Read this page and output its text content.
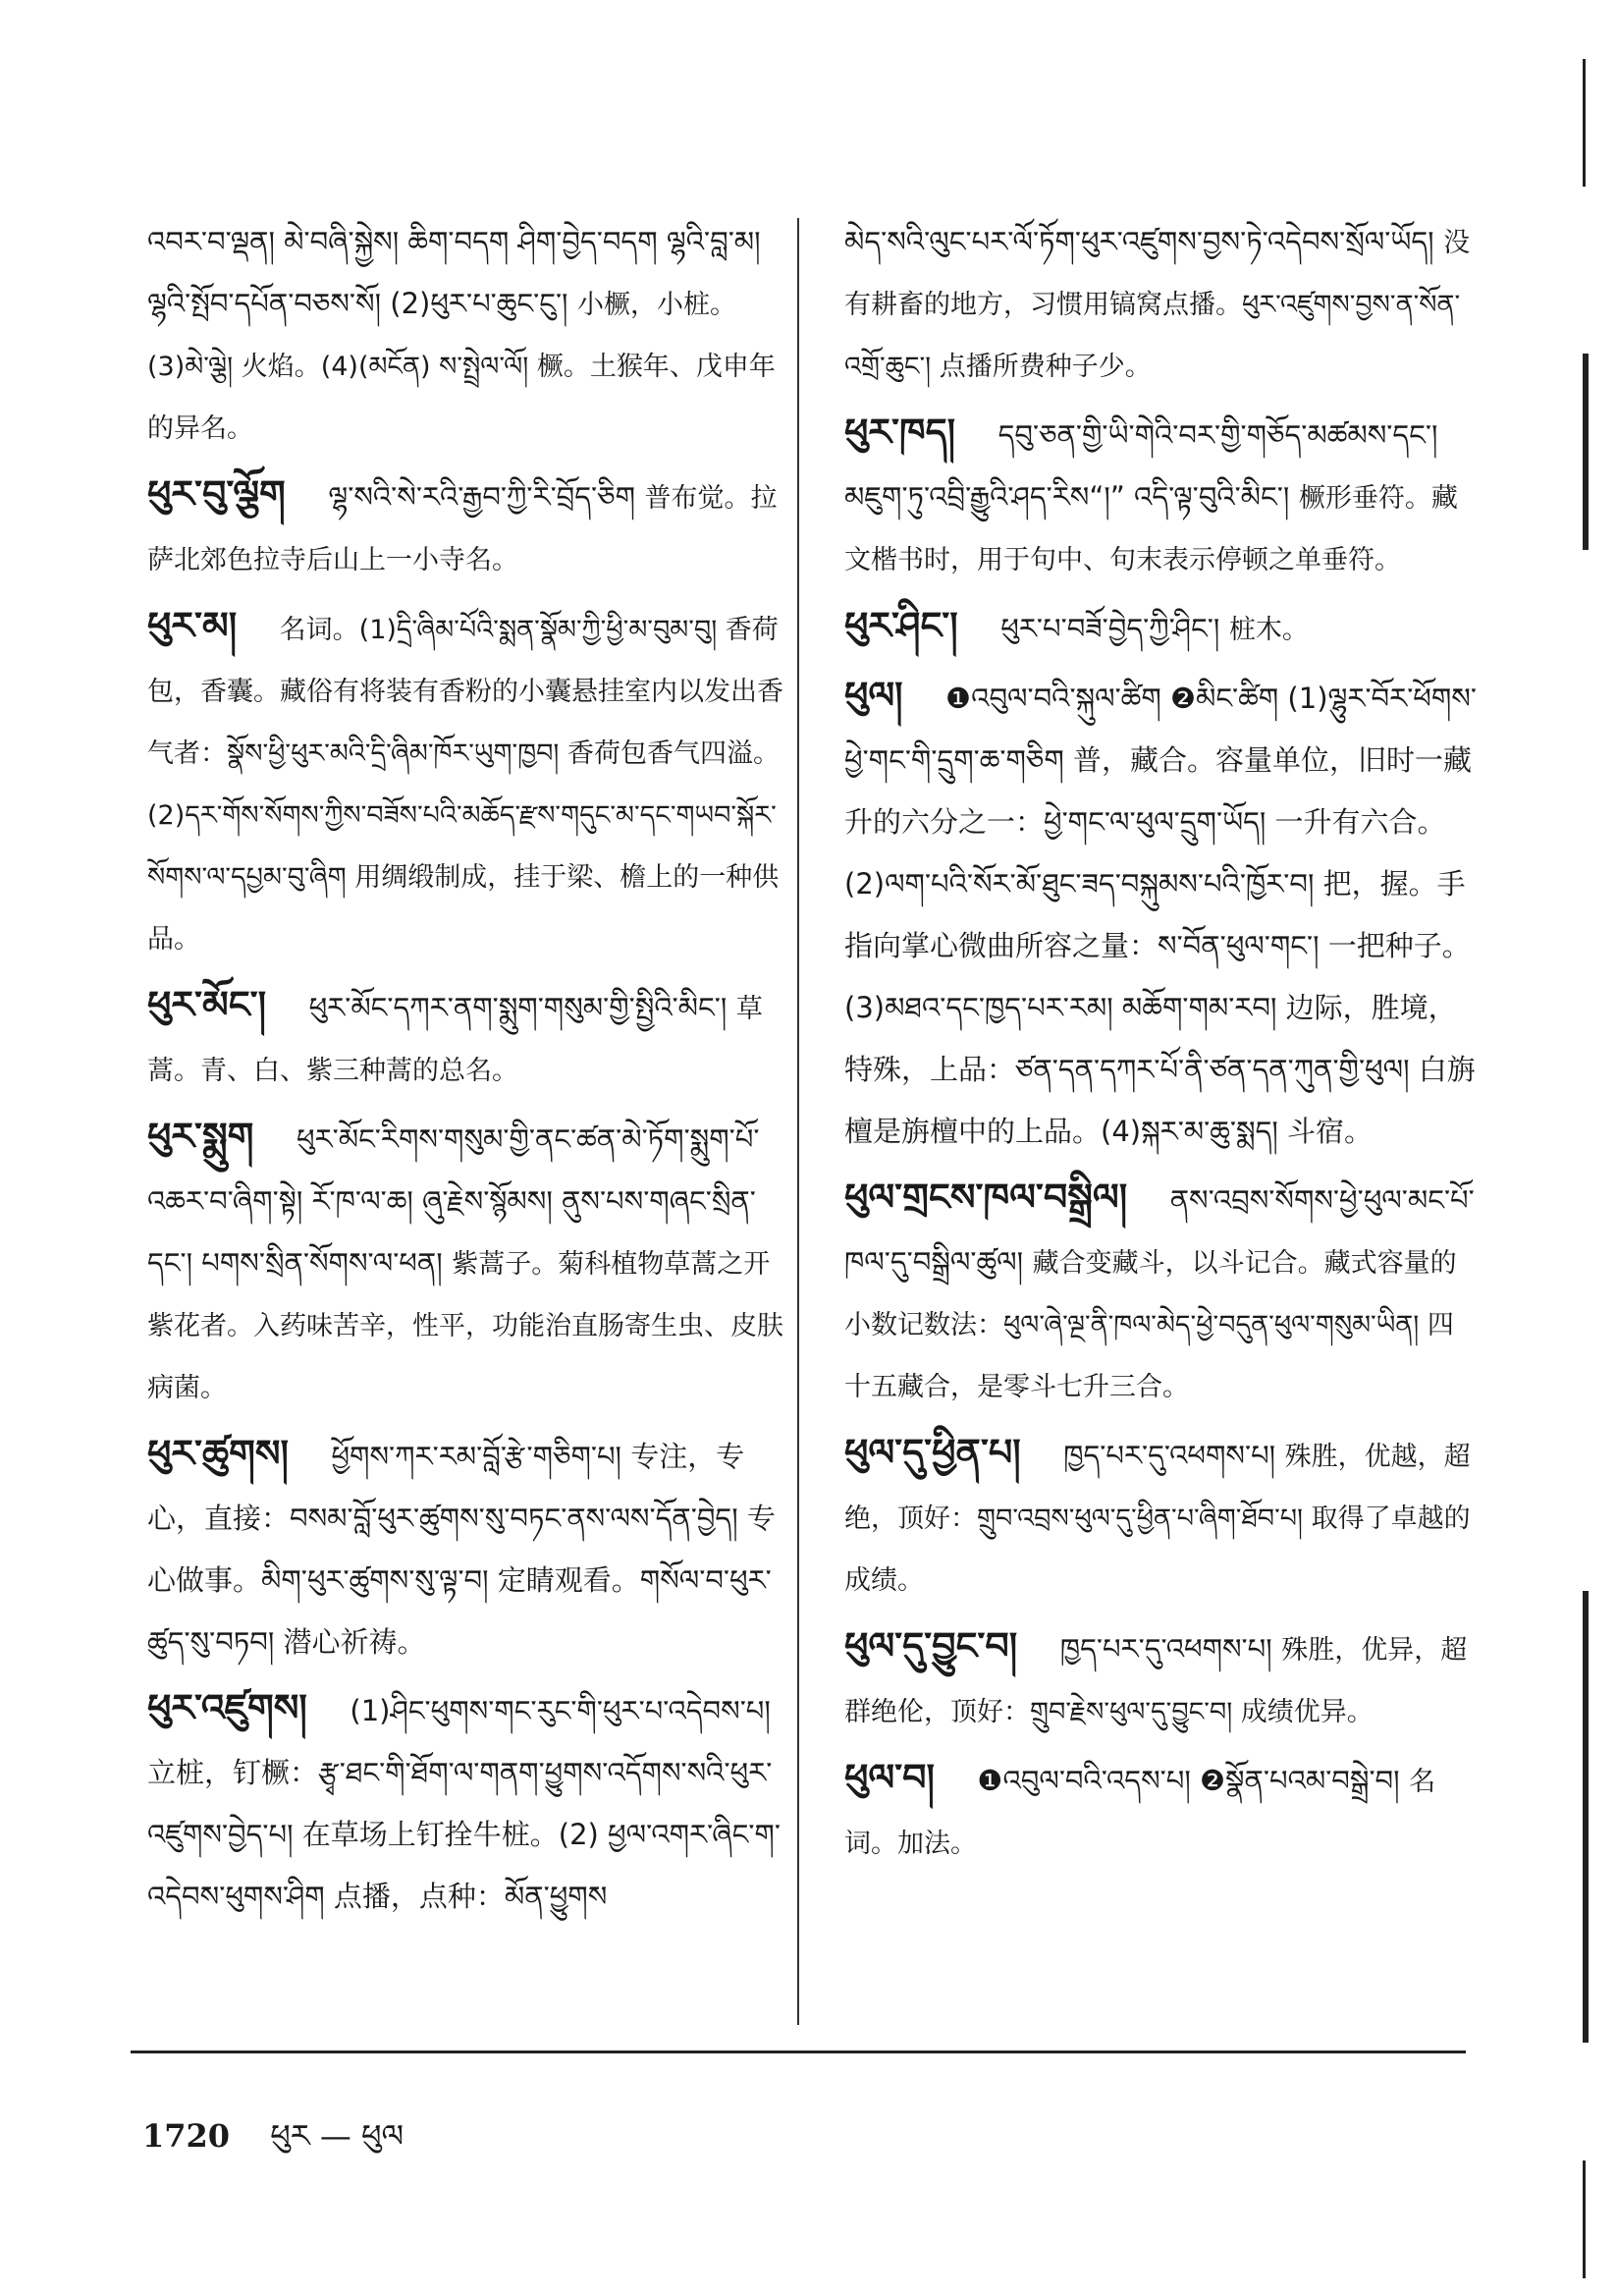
འབར་བ་ལྡན། མེ་བཞི་སྐྱེས། ཆིག་བདག ཤིག་བྱེད་བདག ལྷའི་བླ་མ། ལྷའི་སྤོབ་དཔོན་བཅས་སོ། (2)ཕུར་པ་ཆུང་ངུ་། 小橛，小桩。(3)མེ་ལྕེ། 火焰。(4)(མངོན) ས་སྤྲེལ་ལོ། 橛。土猴年、戊申年的异名。
ཕུར་བུ་ལྕོག ལྷ་སའི་སེ་རའི་རྒྱབ་ཀྱི་རི་བྲོད་ཅིག 普布觉。拉萨北郊色拉寺后山上一小寺名。
ཕུར་མ། 名词。(1)དྲི་ཞིམ་པོའི་སྨན་སྣོམ་ཀྱི་ཕྱི་མ་བུམ་བུ། 香荷包，香囊。藏俗有将装有香粉的小囊悬挂室内以发出香气者：སྣོས་ཕྱི་ཕུར་མའི་དྲི་ཞིམ་ཁོར་ཡུག་ཁྱབ། 香荷包香气四溢。(2)དར་གོས་སོགས་ཀྱིས་བཟོས་པའི་མཆོད་རྫས་གདུང་མ་དང་གཡབ་སྐོར་སོགས་ལ་དཔྱམ་བུ་ཞིག 用绸缎制成，挂于梁、檐上的一种供品。
ཕུར་མོང་། ཕུར་མོང་དཀར་ནག་སྨུག་གསུམ་གྱི་སྤྱིའི་མིང་། 草蒿。青、白、紫三种蒿的总名。
ཕུར་སྨུག ཕུར་མོང་རིགས་གསུམ་གྱི་ནང་ཚན་མེ་ཏོག་སྨུག་པོ་འཆར་བ་ཞིག་སྟེ། རོ་ཁ་ལ་ཆ། ཞུ་རྗེས་སྙོམས། ནུས་པས་གཞང་སྲིན་དང་། པགས་སྲིན་སོགས་ལ་ཕན། 紫蒿子。菊科植物草蒿之开紫花者。入药味苦辛，性平，功能治直肠寄生虫、皮肤病菌。
ཕུར་ཚུགས། ཕྱོགས་ཀར་རམ་བློ་རྩེ་གཅིག་པ། 专注，专心，直接：བསམ་བློ་ཕུར་ཚུགས་སུ་བཏང་ནས་ལས་དོན་བྱེད། 专心做事。མིག་ཕུར་ཚུགས་སུ་ལྟ་བ། 定睛观看。གསོལ་བ་ཕུར་ཚུད་སུ་བཏབ། 潜心祈祷。
ཕུར་འཛུགས། (1)ཤིང་ཕུགས་གང་རུང་གི་ཕུར་པ་འདེབས་པ། 立桩，钉橛：རྩྭ་ཐང་གི་ཐོག་ལ་གནག་ཕྱུགས་འདོགས་སའི་ཕུར་འཛུགས་བྱེད་པ། 在草场上钉拴牛桩。(2) ཕྱལ་འགར་ཞིང་ག་འདེབས་ཕུགས་ཤིག 点播，点种：མོན་ཕྱུགས
མེད་སའི་ལུང་པར་ལོ་ཏོག་ཕུར་འཛུགས་བྱས་ཏེ་འདེབས་སྲོལ་ཡོད། 没有耕畜的地方，习惯用镐窝点播。ཕུར་འཛུགས་བྱས་ན་སོན་འགྲོ་ཆུང་། 点播所费种子少。
ཕུར་ཁད། དབུ་ཅན་གྱི་ཡི་གེའི་བར་གྱི་གཅོད་མཚམས་དང་། མཇུག་ཏུ་འབྲི་རྒྱུའི་ཤད་རིས“།” འདི་ལྟ་བུའི་མིང་། 橛形垂符。藏文楷书时，用于句中、句末表示停顿之单垂符。
ཕུར་ཤིང་། ཕུར་པ་བཟོ་བྱེད་ཀྱི་ཤིང་། 桩木。
ཕུལ། ❶འབུལ་བའི་སྐུལ་ཚིག ❷མིང་ཚིག (1)ལྷུར་བོར་ཕོགས་ཕྱེ་གང་གི་དྲུག་ཆ་གཅིག 普，藏合。容量单位，旧时一藏升的六分之一：ཕྱེ་གང་ལ་ཕུལ་དྲུག་ཡོད། 一升有六合。(2)ལག་པའི་སོར་མོ་ཐུང་ཟད་བསྐུམས་པའི་ཁྱོར་བ། 把，握。手指向掌心微曲所容之量：ས་བོན་ཕུལ་གང་། 一把种子。(3)མཐའ་དང་ཁྱད་པར་རམ། མཆོག་གམ་རབ། 边际，胜境，特殊，上品：ཙན་དན་དཀར་པོ་ནི་ཙན་དན་ཀུན་གྱི་ཕུལ། 白旃檀是旃檀中的上品。(4)སྐར་མ་ཆུ་སྨད། 斗宿。
ཕུལ་གྲངས་ཁལ་བསྒྲིལ། ནས་འབྲས་སོགས་ཕྱེ་ཕུལ་མང་པོ་ཁལ་དུ་བསྒྲིལ་ཚུལ། 藏合变藏斗，以斗记合。藏式容量的小数记数法：ཕུལ་ཞེ་ལྔ་ནི་ཁལ་མེད་ཕྱེ་བདུན་ཕུལ་གསུམ་ཡིན། 四十五藏合，是零斗七升三合。
ཕུལ་དུ་ཕྱིན་པ། ཁྱད་པར་དུ་འཕགས་པ། 殊胜，优越，超绝，顶好：གྲུབ་འབྲས་ཕུལ་དུ་ཕྱིན་པ་ཞིག་ཐོབ་པ། 取得了卓越的成绩。
ཕུལ་དུ་བྱུང་བ། ཁྱད་པར་དུ་འཕགས་པ། 殊胜，优异，超群绝伦，顶好：གྲུབ་རྗེས་ཕུལ་དུ་བྱུང་བ། 成绩优异。
ཕུལ་བ། ❶འབུལ་བའི་འདས་པ། ❷སྣོན་པའམ་བསྒྲེ་བ། 名词。加法。
1720 ཕུར — ཕུལ
